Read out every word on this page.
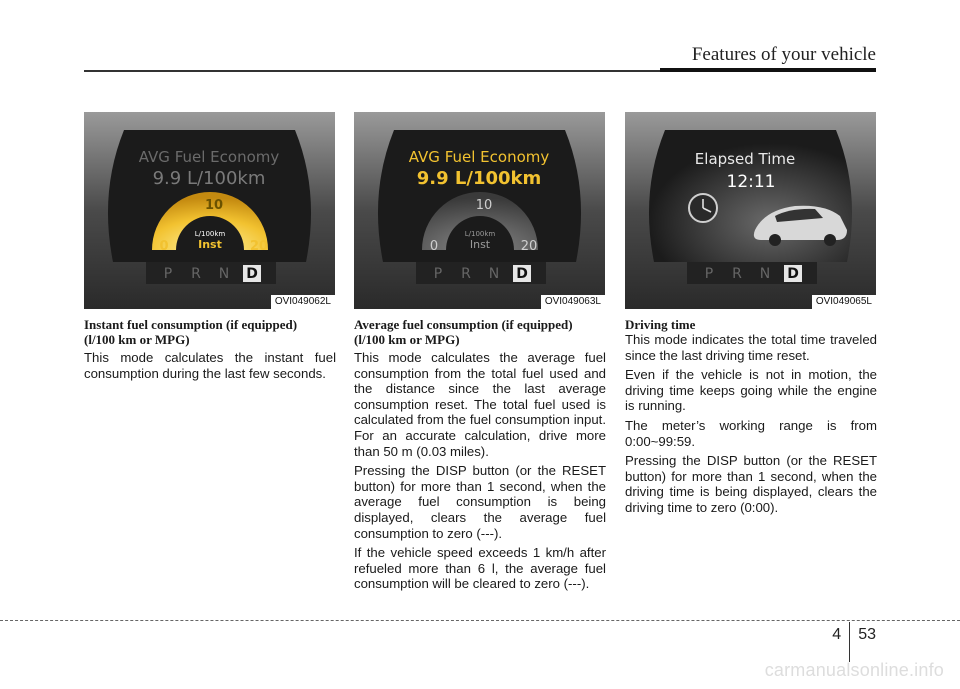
Features of your vehicle
AVG Fuel Economy
9.9 L/100km
10
0	20
L/100km
Inst
P R N D
OVI049062L
AVG Fuel Economy
9.9 L/100km
10
0	20
L/100km
Inst
P R N D
OVI049063L
Elapsed Time
12:11
P R N D
OVI049065L
Instant fuel consumption (if equipped)
(l/100 km or MPG)

This mode calculates the instant fuel consumption during the last few seconds.

Average fuel consumption (if equipped)
(l/100 km or MPG)

This mode calculates the average fuel consumption from the total fuel used and the distance since the last average consumption reset. The total fuel used is calculated from the fuel consumption input. For an accurate calculation, drive more than 50 m (0.03 miles).

Pressing the DISP button (or the RESET button) for more than 1 second, when the average fuel consumption is being displayed, clears the average fuel consumption to zero (---).

If the vehicle speed exceeds 1 km/h after refueled more than 6 l, the average fuel consumption will be cleared to zero (---).

Driving time

This mode indicates the total time traveled since the last driving time reset.

Even if the vehicle is not in motion, the driving time keeps going while the engine is running.

The meter’s working range is from 0:00~99:59.

Pressing the DISP button (or the RESET button) for more than 1 second, when the driving time is being displayed, clears the driving time to zero (0:00).

4 53
carmanualsonline.info
